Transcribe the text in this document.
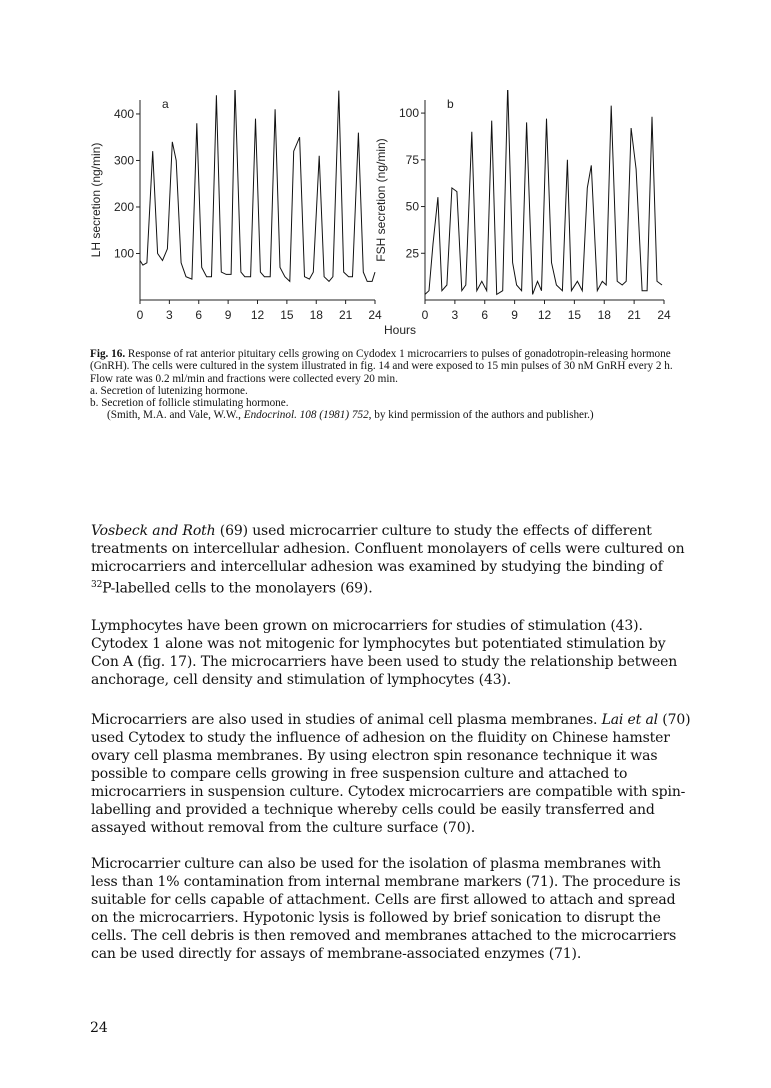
100
200
300
400
0 3 6 9 12 15 18 21 24
a
LH secretion (ng/min)	25
50
75
100
0 3 6 9 12 15 18 21 24
b
FSH secretion (ng/min)
Hours

Fig. 16. Response of rat anterior pituitary cells growing on Cydodex 1 microcarriers to pulses of gonadotropin-releasing hormone (GnRH). The cells were cultured in the system illustrated in fig. 14 and were exposed to 15 min pulses of 30 nM GnRH every 2 h. Flow rate was 0.2 ml/min and fractions were collected every 20 min.

a. Secretion of lutenizing hormone.

b. Secretion of follicle stimulating hormone.

(Smith, M.A. and Vale, W.W., Endocrinol. 108 (1981) 752, by kind permission of the authors and publisher.)

Vosbeck and Roth (69) used microcarrier culture to study the effects of different treatments on intercellular adhesion. Confluent monolayers of cells were cultured on microcarriers and intercellular adhesion was examined by studying the binding of $^{32}$P-labelled cells to the monolayers (69).

Lymphocytes have been grown on microcarriers for studies of stimulation (43). Cytodex 1 alone was not mitogenic for lymphocytes but potentiated stimulation by Con A (fig. 17). The microcarriers have been used to study the relationship between anchorage, cell density and stimulation of lymphocytes (43).

Microcarriers are also used in studies of animal cell plasma membranes. Lai et al (70) used Cytodex to study the influence of adhesion on the fluidity on Chinese hamster ovary cell plasma membranes. By using electron spin resonance technique it was possible to compare cells growing in free suspension culture and attached to microcarriers in suspension culture. Cytodex microcarriers are compatible with spin-labelling and provided a technique whereby cells could be easily transferred and assayed without removal from the culture surface (70).

Microcarrier culture can also be used for the isolation of plasma membranes with less than 1% contamination from internal membrane markers (71). The procedure is suitable for cells capable of attachment. Cells are first allowed to attach and spread on the microcarriers. Hypotonic lysis is followed by brief sonication to disrupt the cells. The cell debris is then removed and membranes attached to the microcarriers can be used directly for assays of membrane-associated enzymes (71).

24
